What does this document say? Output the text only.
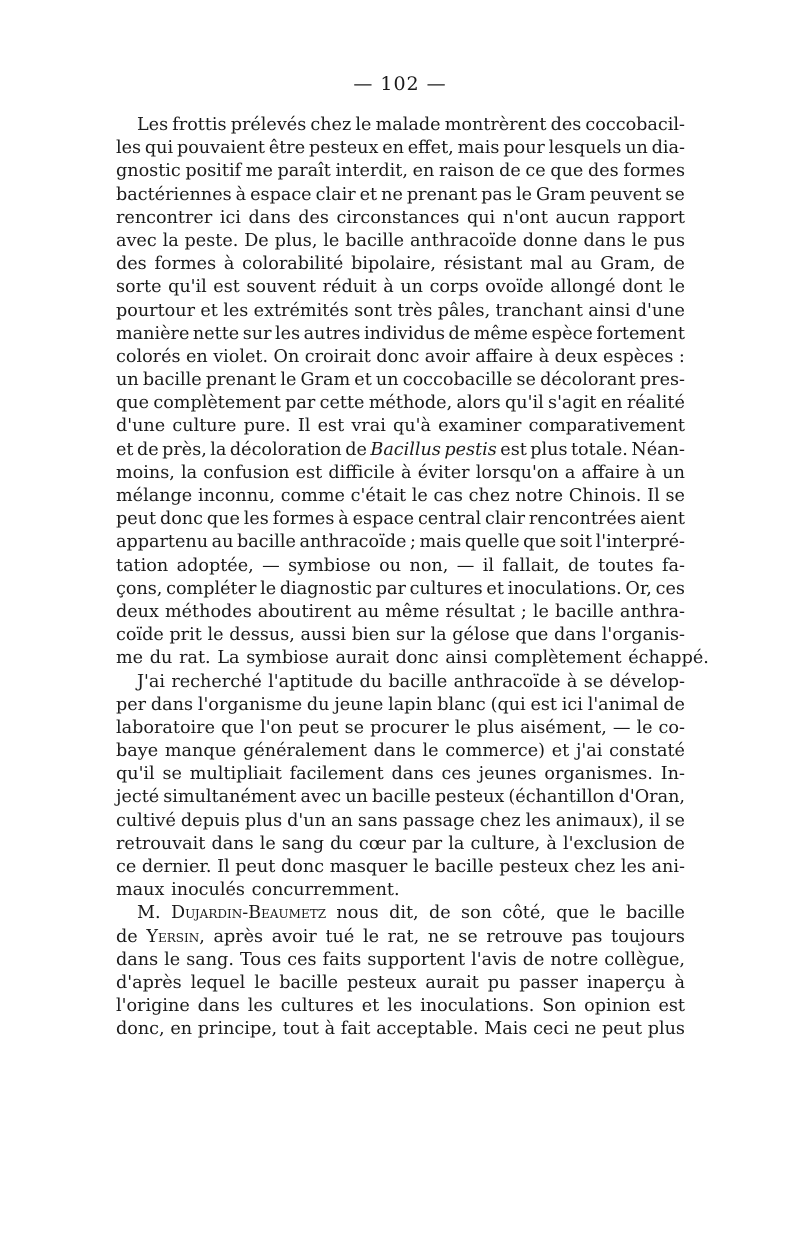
— 102 —
Les frottis prélevés chez le malade montrèrent des coccobacil-
les qui pouvaient être pesteux en effet, mais pour lesquels un dia-
gnostic positif me paraît interdit, en raison de ce que des formes
bactériennes à espace clair et ne prenant pas le Gram peuvent se
rencontrer ici dans des circonstances qui n'ont aucun rapport
avec la peste. De plus, le bacille anthracoïde donne dans le pus
des formes à colorabilité bipolaire, résistant mal au Gram, de
sorte qu'il est souvent réduit à un corps ovoïde allongé dont le
pourtour et les extrémités sont très pâles, tranchant ainsi d'une
manière nette sur les autres individus de même espèce fortement
colorés en violet. On croirait donc avoir affaire à deux espèces :
un bacille prenant le Gram et un coccobacille se décolorant pres-
que complètement par cette méthode, alors qu'il s'agit en réalité
d'une culture pure. Il est vrai qu'à examiner comparativement
et de près, la décoloration de Bacillus pestis est plus totale. Néan-
moins, la confusion est difficile à éviter lorsqu'on a affaire à un
mélange inconnu, comme c'était le cas chez notre Chinois. Il se
peut donc que les formes à espace central clair rencontrées aient
appartenu au bacille anthracoïde ; mais quelle que soit l'interpré-
tation adoptée, — symbiose ou non, — il fallait, de toutes fa-
çons, compléter le diagnostic par cultures et inoculations. Or, ces
deux méthodes aboutirent au même résultat ; le bacille anthra-
coïde prit le dessus, aussi bien sur la gélose que dans l'organis-
me du rat. La symbiose aurait donc ainsi complètement échappé.
J'ai recherché l'aptitude du bacille anthracoïde à se dévelop-
per dans l'organisme du jeune lapin blanc (qui est ici l'animal de
laboratoire que l'on peut se procurer le plus aisément, — le co-
baye manque généralement dans le commerce) et j'ai constaté
qu'il se multipliait facilement dans ces jeunes organismes. In-
jecté simultanément avec un bacille pesteux (échantillon d'Oran,
cultivé depuis plus d'un an sans passage chez les animaux), il se
retrouvait dans le sang du cœur par la culture, à l'exclusion de
ce dernier. Il peut donc masquer le bacille pesteux chez les ani-
maux inoculés concurremment.
M. Dujardin-Beaumetz nous dit, de son côté, que le bacille
de Yersin, après avoir tué le rat, ne se retrouve pas toujours
dans le sang. Tous ces faits supportent l'avis de notre collègue,
d'après lequel le bacille pesteux aurait pu passer inaperçu à
l'origine dans les cultures et les inoculations. Son opinion est
donc, en principe, tout à fait acceptable. Mais ceci ne peut plus
